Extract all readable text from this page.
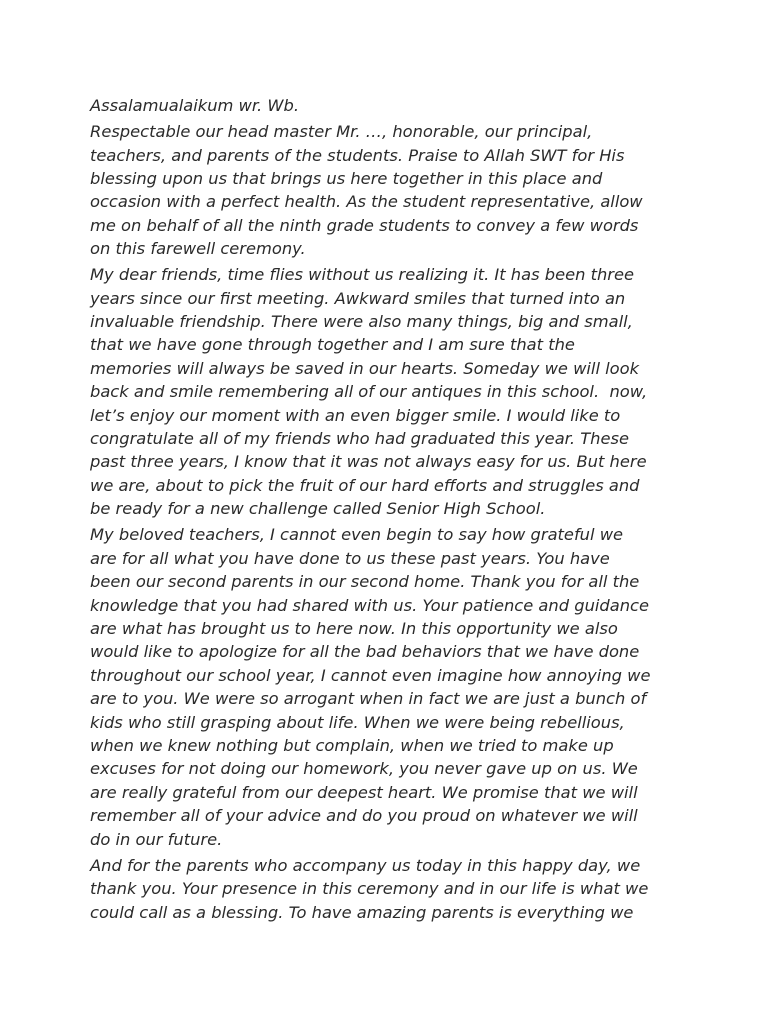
Assalamualaikum wr. Wb.

Respectable our head master Mr. …, honorable, our principal,
teachers, and parents of the students. Praise to Allah SWT for His
blessing upon us that brings us here together in this place and
occasion with a perfect health. As the student representative, allow
me on behalf of all the ninth grade students to convey a few words
on this farewell ceremony.

My dear friends, time flies without us realizing it. It has been three
years since our first meeting. Awkward smiles that turned into an
invaluable friendship. There were also many things, big and small,
that we have gone through together and I am sure that the
memories will always be saved in our hearts. Someday we will look
back and smile remembering all of our antiques in this school.  now,
let’s enjoy our moment with an even bigger smile. I would like to
congratulate all of my friends who had graduated this year. These
past three years, I know that it was not always easy for us. But here
we are, about to pick the fruit of our hard efforts and struggles and
be ready for a new challenge called Senior High School.

My beloved teachers, I cannot even begin to say how grateful we
are for all what you have done to us these past years. You have
been our second parents in our second home. Thank you for all the
knowledge that you had shared with us. Your patience and guidance
are what has brought us to here now. In this opportunity we also
would like to apologize for all the bad behaviors that we have done
throughout our school year, I cannot even imagine how annoying we
are to you. We were so arrogant when in fact we are just a bunch of
kids who still grasping about life. When we were being rebellious,
when we knew nothing but complain, when we tried to make up
excuses for not doing our homework, you never gave up on us. We
are really grateful from our deepest heart. We promise that we will
remember all of your advice and do you proud on whatever we will
do in our future.

And for the parents who accompany us today in this happy day, we
thank you. Your presence in this ceremony and in our life is what we
could call as a blessing. To have amazing parents is everything we
